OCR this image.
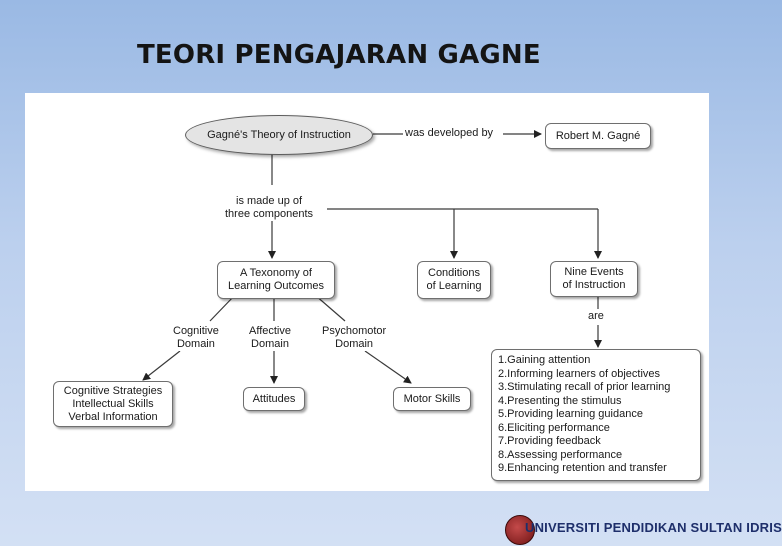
TEORI PENGAJARAN GAGNE
Gagné's Theory of Instruction	was developed by	Robert M. Gagné
is made up of
three components
A Texonomy of
Learning Outcomes
Conditions
of Learning
Nine Events
of Instruction
are
Cognitive
Domain
Affective
Domain
Psychomotor
Domain
Cognitive Strategies
Intellectual Skills
Verbal Information
Attitudes	Motor Skills
1.Gaining attention
2.Informing learners of objectives
3.Stimulating recall of prior learning
4.Presenting the stimulus
5.Providing learning guidance
6.Eliciting performance
7.Providing feedback
8.Assessing performance
9.Enhancing retention and transfer
UNIVERSITI PENDIDIKAN SULTAN IDRIS
